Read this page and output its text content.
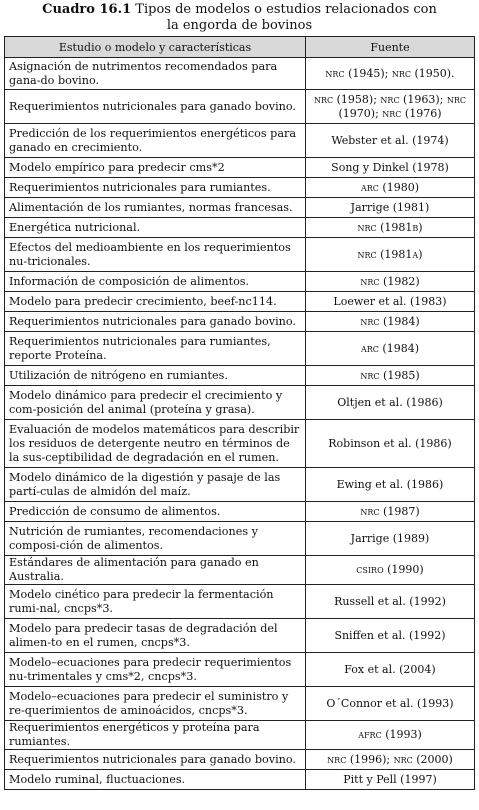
Cuadro 16.1 Tipos de modelos o estudios relacionados con
la engorda de bovinos
Estudio o modelo y características	Fuente
Asignación de nutrimentos recomendados para gana-do bovino.	nrc (1945); nrc (1950).
Requerimientos nutricionales para ganado bovino.	nrc (1958); nrc (1963); nrc (1970); nrc (1976)
Predicción de los requerimientos energéticos para ganado en crecimiento.	Webster et al. (1974)
Modelo empírico para predecir cms*2	Song y Dinkel (1978)
Requerimientos nutricionales para rumiantes.	arc (1980)
Alimentación de los rumiantes, normas francesas.	Jarrige (1981)
Energética nutricional.	nrc (1981b)
Efectos del medioambiente en los requerimientos nu-tricionales.	nrc (1981a)
Información de composición de alimentos.	nrc (1982)
Modelo para predecir crecimiento, beef-nc114.	Loewer et al. (1983)
Requerimientos nutricionales para ganado bovino.	nrc (1984)
Requerimientos nutricionales para rumiantes, reporte Proteína.	arc (1984)
Utilización de nitrógeno en rumiantes.	nrc (1985)
Modelo dinámico para predecir el crecimiento y com-posición del animal (proteína y grasa).	Oltjen et al. (1986)
Evaluación de modelos matemáticos para describir los residuos de detergente neutro en términos de la sus-ceptibilidad de degradación en el rumen.	Robinson et al. (1986)
Modelo dinámico de la digestión y pasaje de las partí-culas de almidón del maíz.	Ewing et al. (1986)
Predicción de consumo de alimentos.	nrc (1987)
Nutrición de rumiantes, recomendaciones y composi-ción de alimentos.	Jarrige (1989)
Estándares de alimentación para ganado en Australia.	csiro (1990)
Modelo cinético para predecir la fermentación rumi-nal, cncps*3.	Russell et al. (1992)
Modelo para predecir tasas de degradación del alimen-to en el rumen, cncps*3.	Sniffen et al. (1992)
Modelo–ecuaciones para predecir requerimientos nu-trimentales y cms*2, cncps*3.	Fox et al. (2004)
Modelo–ecuaciones para predecir el suministro y re-querimientos de aminoácidos, cncps*3.	O´Connor et al. (1993)
Requerimientos energéticos y proteína para rumiantes.	afrc (1993)
Requerimientos nutricionales para ganado bovino.	nrc (1996); nrc (2000)
Modelo ruminal, fluctuaciones.	Pitt y Pell (1997)
